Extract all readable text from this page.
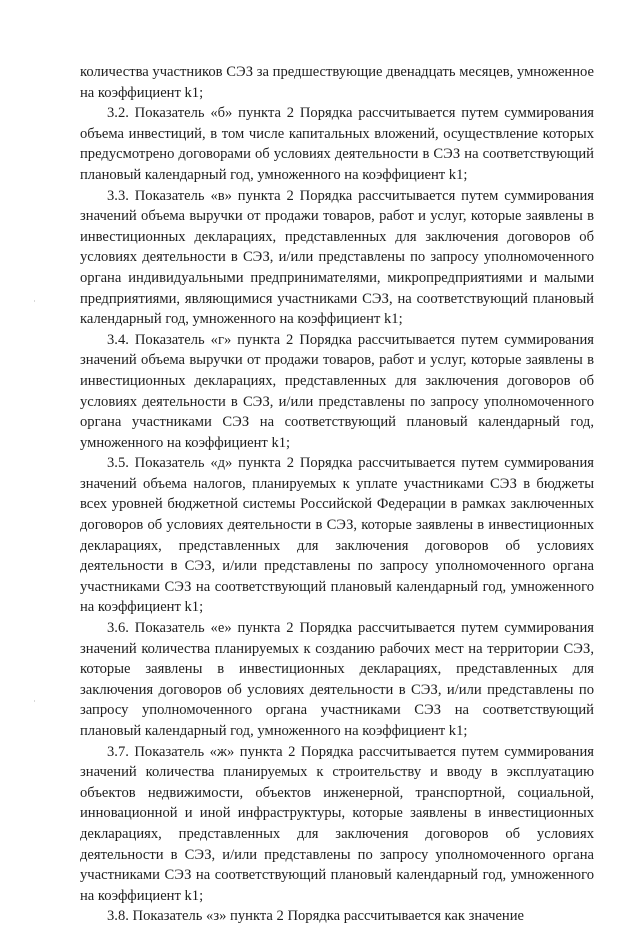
количества участников СЭЗ за предшествующие двенадцать месяцев, умноженное на коэффициент k1;

3.2. Показатель «б» пункта 2 Порядка рассчитывается путем суммирования объема инвестиций, в том числе капитальных вложений, осуществление которых предусмотрено договорами об условиях деятельности в СЭЗ на соответствующий плановый календарный год, умноженного на коэффициент k1;

3.3. Показатель «в» пункта 2 Порядка рассчитывается путем суммирования значений объема выручки от продажи товаров, работ и услуг, которые заявлены в инвестиционных декларациях, представленных для заключения договоров об условиях деятельности в СЭЗ, и/или представлены по запросу уполномоченного органа индивидуальными предпринимателями, микропредприятиями и малыми предприятиями, являющимися участниками СЭЗ, на соответствующий плановый календарный год, умноженного на коэффициент k1;

3.4. Показатель «г» пункта 2 Порядка рассчитывается путем суммирования значений объема выручки от продажи товаров, работ и услуг, которые заявлены в инвестиционных декларациях, представленных для заключения договоров об условиях деятельности в СЭЗ, и/или представлены по запросу уполномоченного органа участниками СЭЗ на соответствующий плановый календарный год, умноженного на коэффициент k1;

3.5. Показатель «д» пункта 2 Порядка рассчитывается путем суммирования значений объема налогов, планируемых к уплате участниками СЭЗ в бюджеты всех уровней бюджетной системы Российской Федерации в рамках заключенных договоров об условиях деятельности в СЭЗ, которые заявлены в инвестиционных декларациях, представленных для заключения договоров об условиях деятельности в СЭЗ, и/или представлены по запросу уполномоченного органа участниками СЭЗ на соответствующий плановый календарный год, умноженного на коэффициент k1;

3.6. Показатель «е» пункта 2 Порядка рассчитывается путем суммирования значений количества планируемых к созданию рабочих мест на территории СЭЗ, которые заявлены в инвестиционных декларациях, представленных для заключения договоров об условиях деятельности в СЭЗ, и/или представлены по запросу уполномоченного органа участниками СЭЗ на соответствующий плановый календарный год, умноженного на коэффициент k1;

3.7. Показатель «ж» пункта 2 Порядка рассчитывается путем суммирования значений количества планируемых к строительству и вводу в эксплуатацию объектов недвижимости, объектов инженерной, транспортной, социальной, инновационной и иной инфраструктуры, которые заявлены в инвестиционных декларациях, представленных для заключения договоров об условиях деятельности в СЭЗ, и/или представлены по запросу уполномоченного органа участниками СЭЗ на соответствующий плановый календарный год, умноженного на коэффициент k1;

3.8. Показатель «з» пункта 2 Порядка рассчитывается как значение
